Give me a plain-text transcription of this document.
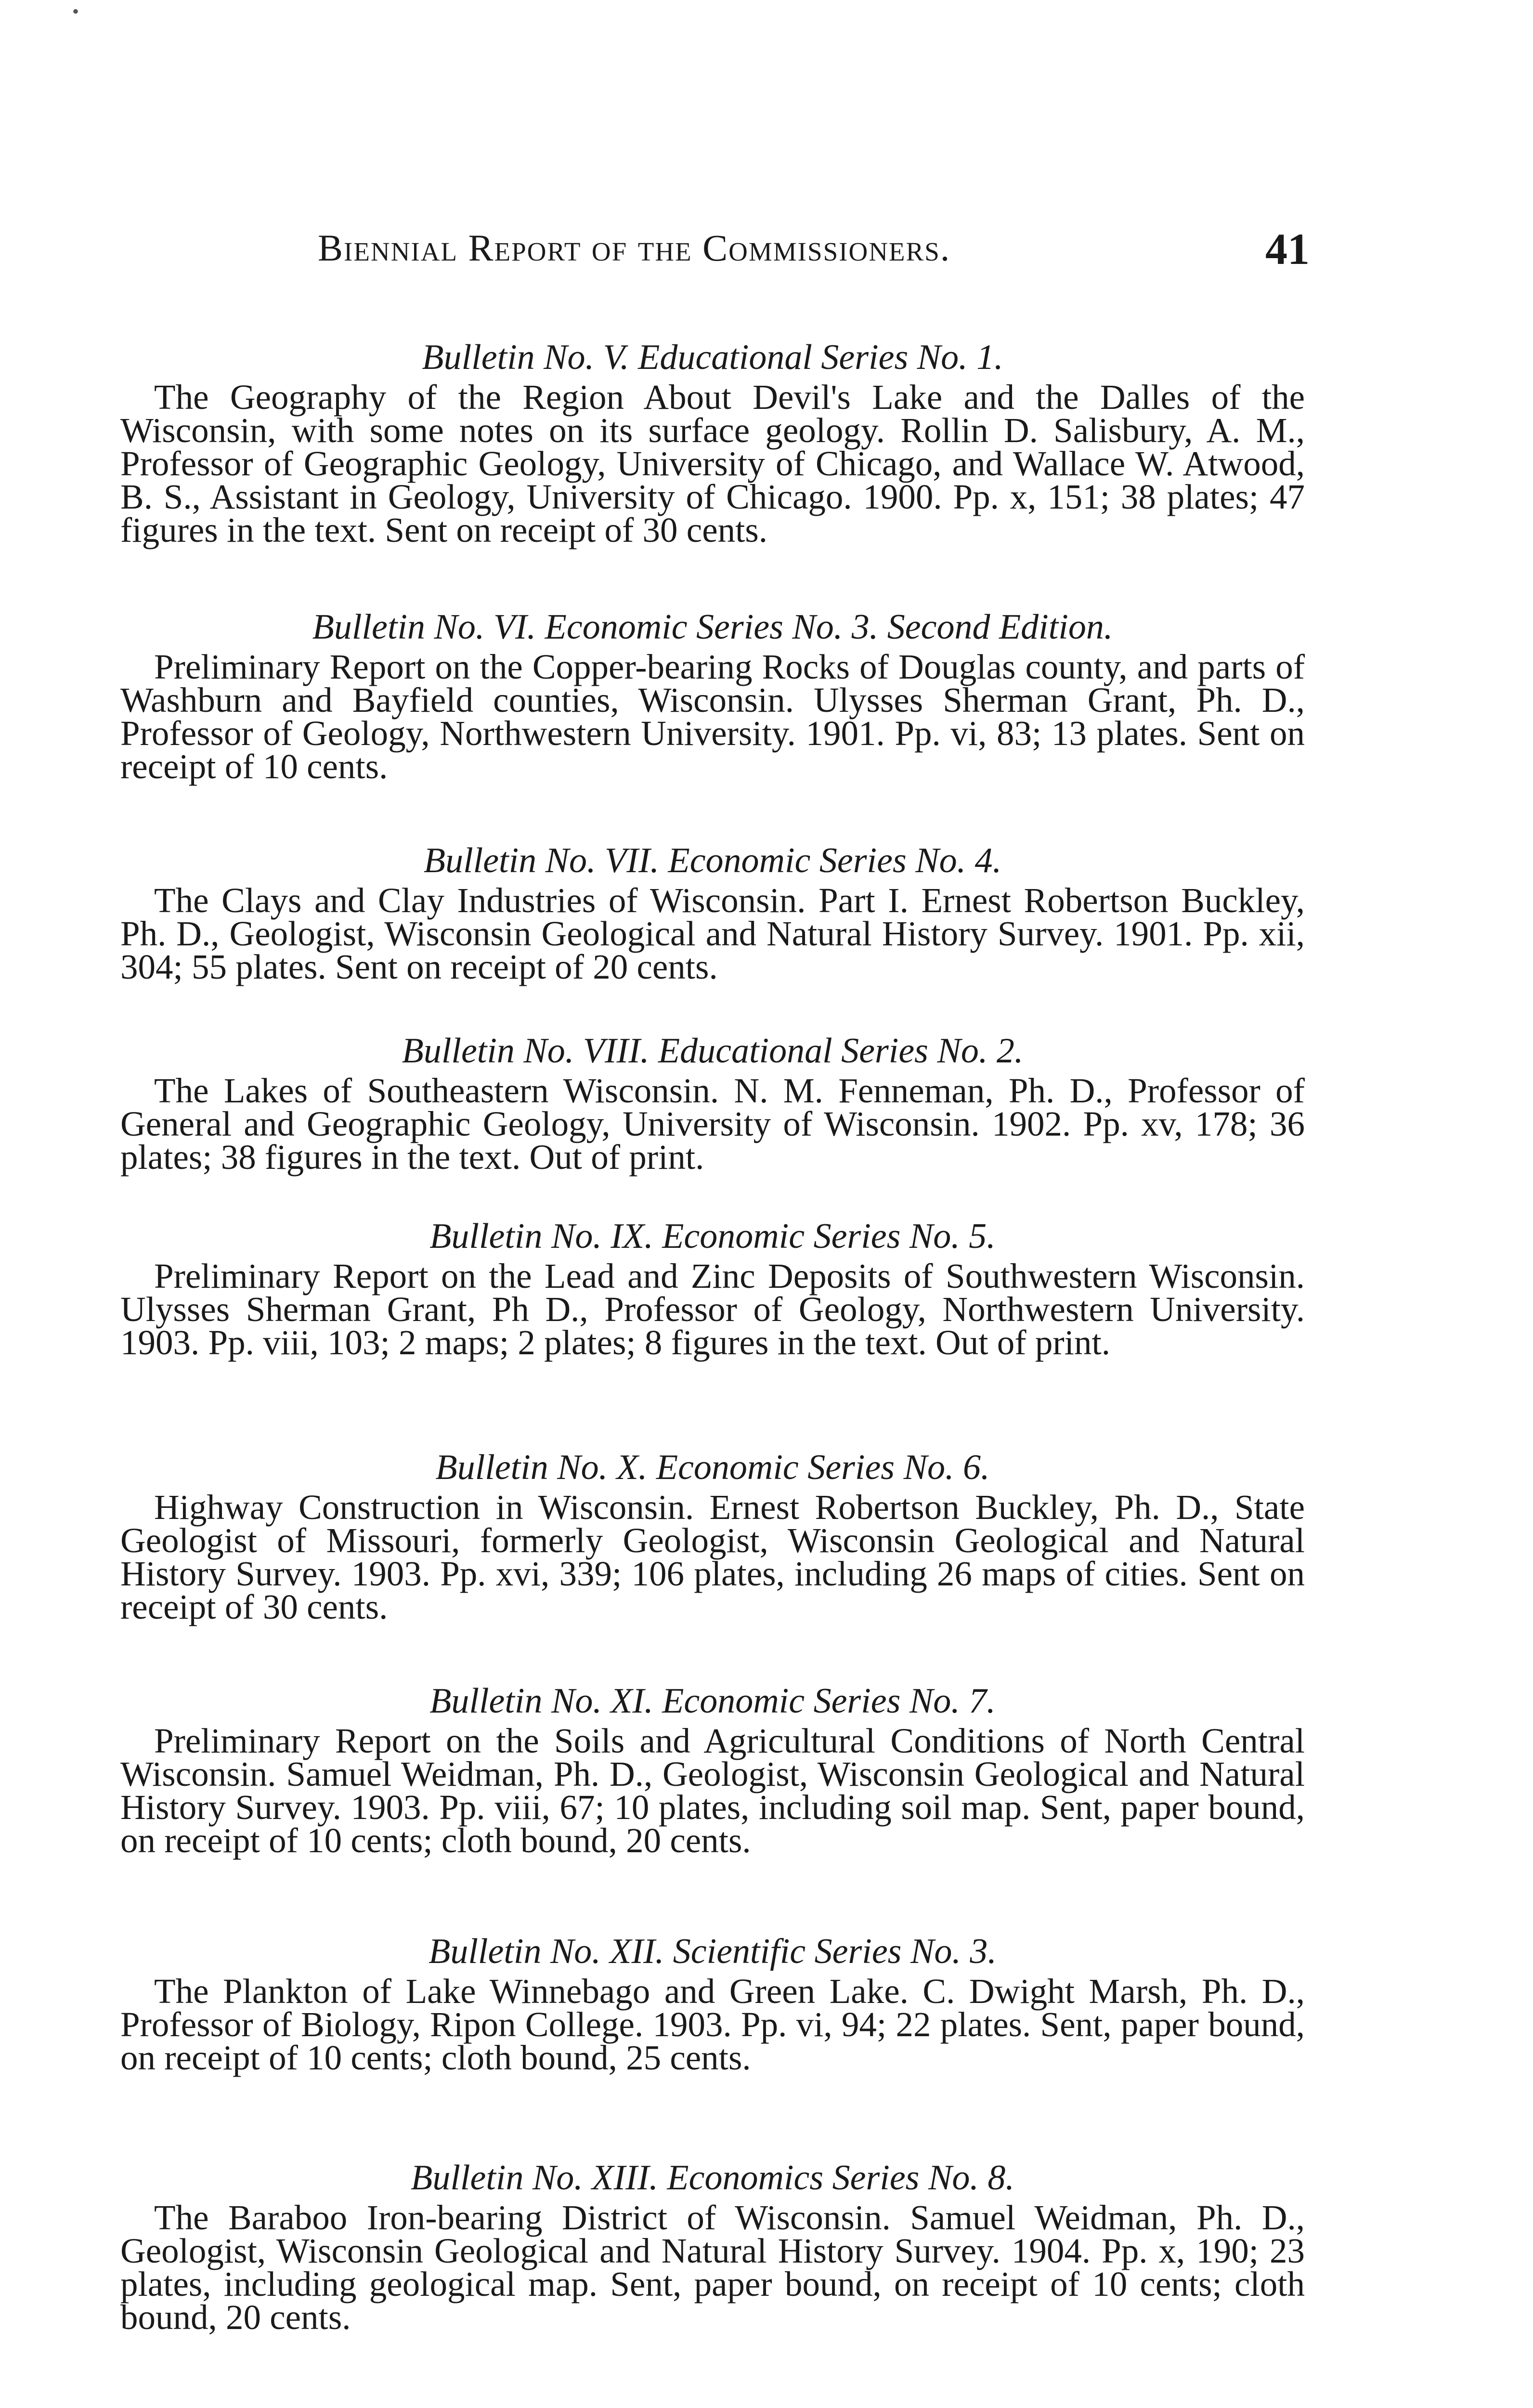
•
Biennial Report of the Commissioners.	41
Bulletin No. V. Educational Series No. 1.

The Geography of the Region About Devil's Lake and the Dalles of the Wisconsin, with some notes on its surface geology. Rollin D. Salisbury, A. M., Professor of Geographic Geology, University of Chicago, and Wallace W. Atwood, B. S., Assistant in Geology, University of Chicago. 1900. Pp. x, 151; 38 plates; 47 figures in the text. Sent on receipt of 30 cents.

Bulletin No. VI. Economic Series No. 3. Second Edition.

Preliminary Report on the Copper-bearing Rocks of Douglas county, and parts of Washburn and Bayfield counties, Wisconsin. Ulysses Sherman Grant, Ph. D., Professor of Geology, Northwestern University. 1901. Pp. vi, 83; 13 plates. Sent on receipt of 10 cents.

Bulletin No. VII. Economic Series No. 4.

The Clays and Clay Industries of Wisconsin. Part I. Ernest Robertson Buckley, Ph. D., Geologist, Wisconsin Geological and Natural History Survey. 1901. Pp. xii, 304; 55 plates. Sent on receipt of 20 cents.

Bulletin No. VIII. Educational Series No. 2.

The Lakes of Southeastern Wisconsin. N. M. Fenneman, Ph. D., Professor of General and Geographic Geology, University of Wisconsin. 1902. Pp. xv, 178; 36 plates; 38 figures in the text. Out of print.

Bulletin No. IX. Economic Series No. 5.

Preliminary Report on the Lead and Zinc Deposits of Southwestern Wisconsin. Ulysses Sherman Grant, Ph D., Professor of Geology, Northwestern University. 1903. Pp. viii, 103; 2 maps; 2 plates; 8 figures in the text. Out of print.

Bulletin No. X. Economic Series No. 6.

Highway Construction in Wisconsin. Ernest Robertson Buckley, Ph. D., State Geologist of Missouri, formerly Geologist, Wisconsin Geological and Natural History Survey. 1903. Pp. xvi, 339; 106 plates, including 26 maps of cities. Sent on receipt of 30 cents.

Bulletin No. XI. Economic Series No. 7.

Preliminary Report on the Soils and Agricultural Conditions of North Central Wisconsin. Samuel Weidman, Ph. D., Geologist, Wisconsin Geological and Natural History Survey. 1903. Pp. viii, 67; 10 plates, including soil map. Sent, paper bound, on receipt of 10 cents; cloth bound, 20 cents.

Bulletin No. XII. Scientific Series No. 3.

The Plankton of Lake Winnebago and Green Lake. C. Dwight Marsh, Ph. D., Professor of Biology, Ripon College. 1903. Pp. vi, 94; 22 plates. Sent, paper bound, on receipt of 10 cents; cloth bound, 25 cents.

Bulletin No. XIII. Economics Series No. 8.

The Baraboo Iron-bearing District of Wisconsin. Samuel Weidman, Ph. D., Geologist, Wisconsin Geological and Natural History Survey. 1904. Pp. x, 190; 23 plates, including geological map. Sent, paper bound, on receipt of 10 cents; cloth bound, 20 cents.
